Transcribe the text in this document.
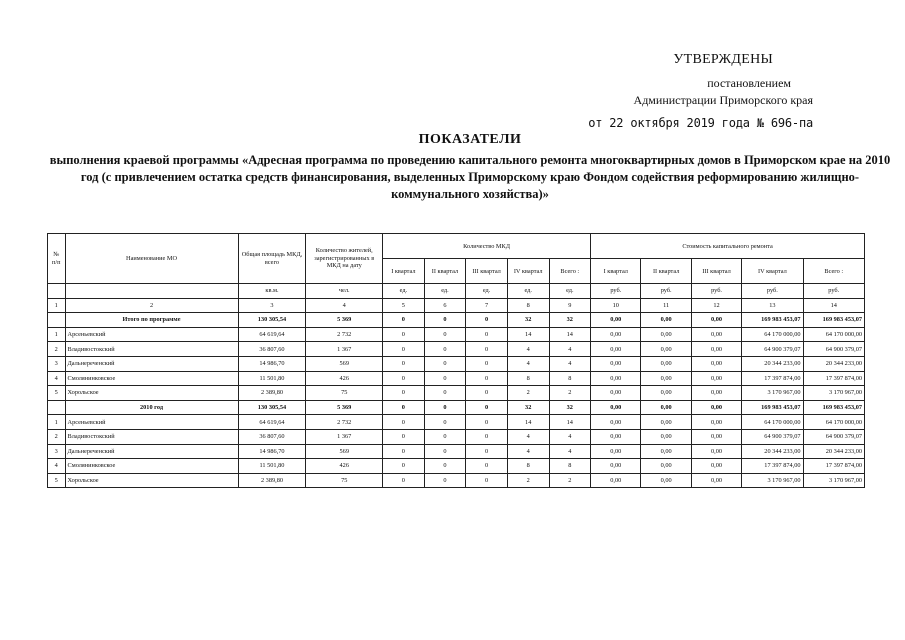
УТВЕРЖДЕНЫ
постановлением
Администрации Приморского края
от 22 октября 2019 года № 696-па
ПОКАЗАТЕЛИ
выполнения краевой программы «Адресная программа по проведению капитального ремонта многоквартирных домов в Приморском крае на 2010 год (с привлечением остатка средств финансирования, выделенных Приморскому краю Фондом содействия реформированию жилищно-коммунального хозяйства)»
№ п/п	Наименование МО	Общая площадь МКД, всего	Количество жителей, зарегистрированных в МКД на дату	Количество МКД					Стоимость капитального ремонта				
				I квартал	II квартал	III квартал	IV квартал	Всего :	I квартал	II квартал	III квартал	IV квартал	Всего :
		кв.м.	чел.	ед.	ед.	ед.	ед.	ед.	руб.	руб.	руб.	руб.	руб.
1	2	3	4	5	6	7	8	9	10	11	12	13	14
	Итого по программе	130 305,54	5 369	0	0	0	32	32	0,00	0,00	0,00	169 983 453,07	169 983 453,07
1	Арсеньевский	64 619,64	2 732	0	0	0	14	14	0,00	0,00	0,00	64 170 000,00	64 170 000,00
2	Владивостокский	36 807,60	1 367	0	0	0	4	4	0,00	0,00	0,00	64 900 379,07	64 900 379,07
3	Дальнереченский	14 986,70	569	0	0	0	4	4	0,00	0,00	0,00	20 344 233,00	20 344 233,00
4	Смолянинковское	11 501,80	426	0	0	0	8	8	0,00	0,00	0,00	17 397 874,00	17 397 874,00
5	Хорольское	2 389,80	75	0	0	0	2	2	0,00	0,00	0,00	3 170 967,00	3 170 967,00
	2010 год	130 305,54	5 369	0	0	0	32	32	0,00	0,00	0,00	169 983 453,07	169 983 453,07
1	Арсеньевский	64 619,64	2 732	0	0	0	14	14	0,00	0,00	0,00	64 170 000,00	64 170 000,00
2	Владивостокский	36 807,60	1 367	0	0	0	4	4	0,00	0,00	0,00	64 900 379,07	64 900 379,07
3	Дальнереченский	14 986,70	569	0	0	0	4	4	0,00	0,00	0,00	20 344 233,00	20 344 233,00
4	Смолянинковское	11 501,80	426	0	0	0	8	8	0,00	0,00	0,00	17 397 874,00	17 397 874,00
5	Хорольское	2 389,80	75	0	0	0	2	2	0,00	0,00	0,00	3 170 967,00	3 170 967,00
